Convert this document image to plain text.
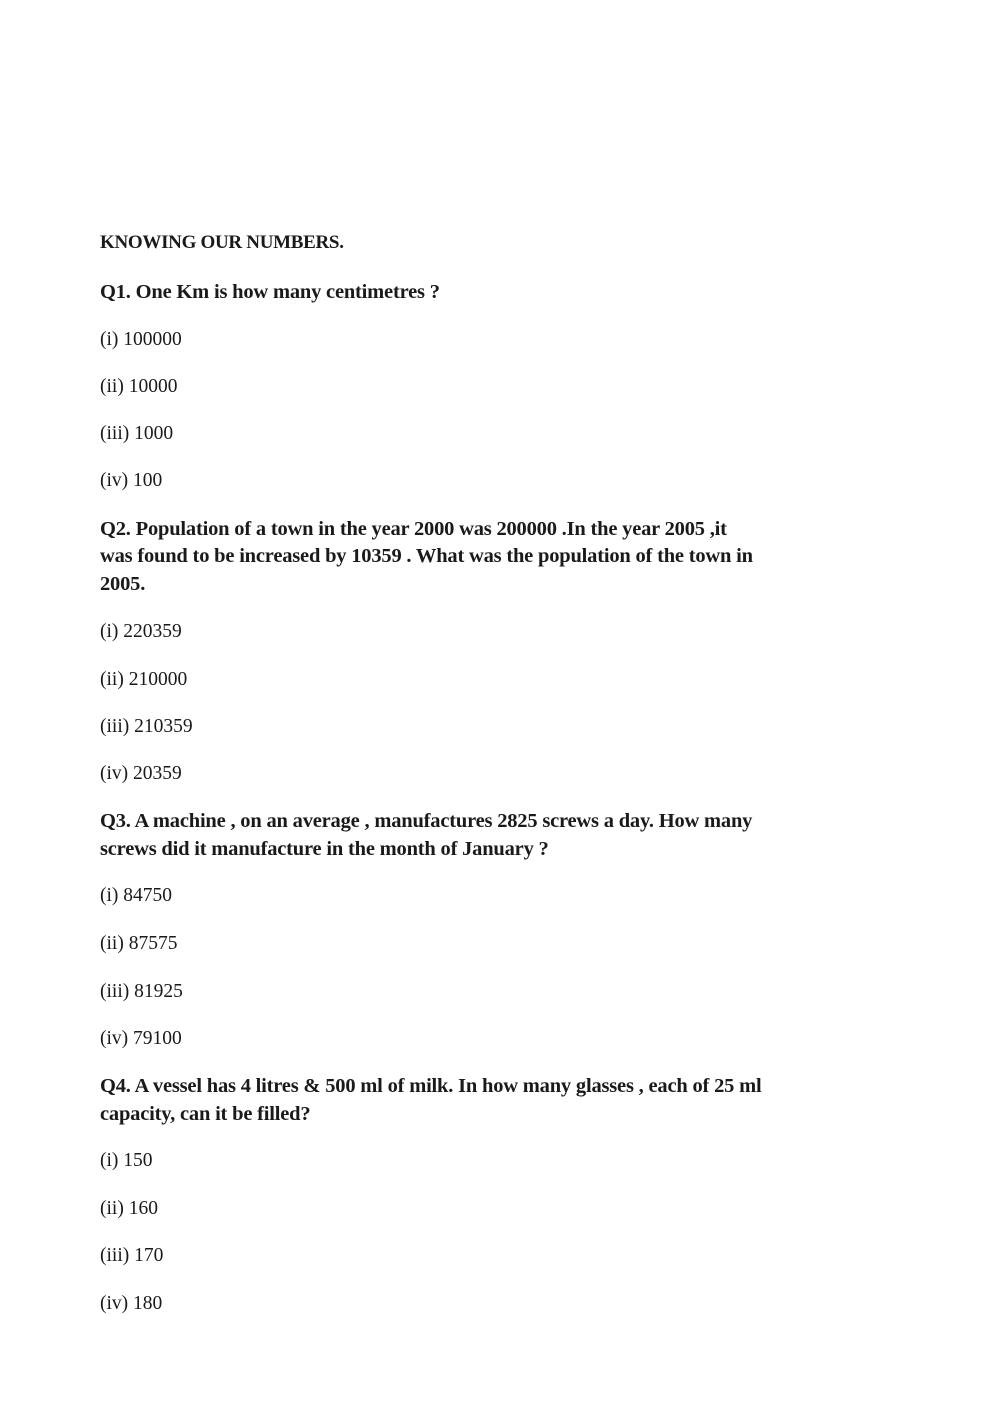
KNOWING OUR NUMBERS.
Q1. One Km is how many centimetres ?
(i) 100000
(ii) 10000
(iii) 1000
(iv) 100
Q2. Population of a town in the year 2000 was 200000 .In the year 2005 ,it
was found to be increased by 10359 . What was the population of the town in
2005.
(i) 220359
(ii) 210000
(iii) 210359
(iv) 20359
Q3. A machine , on an average , manufactures 2825 screws a day. How many
screws did it manufacture in the month of January ?
(i) 84750
(ii) 87575
(iii) 81925
(iv) 79100
Q4. A vessel has 4 litres & 500 ml of milk. In how many glasses , each of 25 ml
capacity, can it be filled?
(i) 150
(ii) 160
(iii) 170
(iv) 180
